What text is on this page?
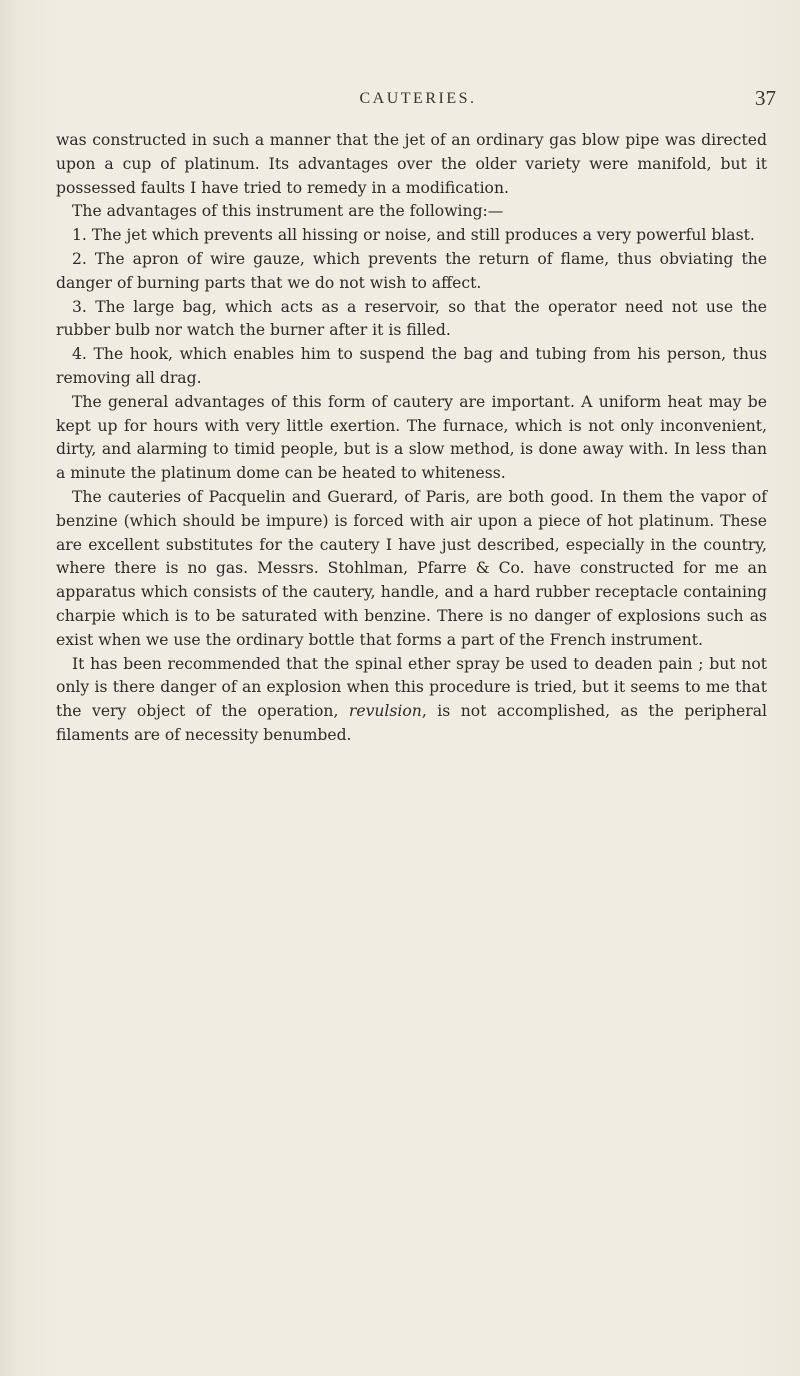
CAUTERIES.	37

was constructed in such a manner that the jet of an ordinary gas blow pipe was directed upon a cup of platinum. Its advantages over the older variety were manifold, but it possessed faults I have tried to remedy in a modification.

The advantages of this instrument are the following:—

1. The jet which prevents all hissing or noise, and still produces a very powerful blast.

2. The apron of wire gauze, which prevents the return of flame, thus obviating the danger of burning parts that we do not wish to affect.

3. The large bag, which acts as a reservoir, so that the operator need not use the rubber bulb nor watch the burner after it is filled.

4. The hook, which enables him to suspend the bag and tubing from his person, thus removing all drag.

The general advantages of this form of cautery are important. A uniform heat may be kept up for hours with very little exertion. The furnace, which is not only inconvenient, dirty, and alarming to timid people, but is a slow method, is done away with. In less than a minute the platinum dome can be heated to whiteness.

The cauteries of Pacquelin and Guerard, of Paris, are both good. In them the vapor of benzine (which should be impure) is forced with air upon a piece of hot platinum. These are excellent substitutes for the cautery I have just described, especially in the country, where there is no gas. Messrs. Stohlman, Pfarre & Co. have constructed for me an apparatus which consists of the cautery, handle, and a hard rubber receptacle containing charpie which is to be saturated with benzine. There is no danger of explosions such as exist when we use the ordinary bottle that forms a part of the French instrument.

It has been recommended that the spinal ether spray be used to deaden pain ; but not only is there danger of an explosion when this procedure is tried, but it seems to me that the very object of the operation, revulsion, is not accomplished, as the peripheral filaments are of necessity benumbed.
